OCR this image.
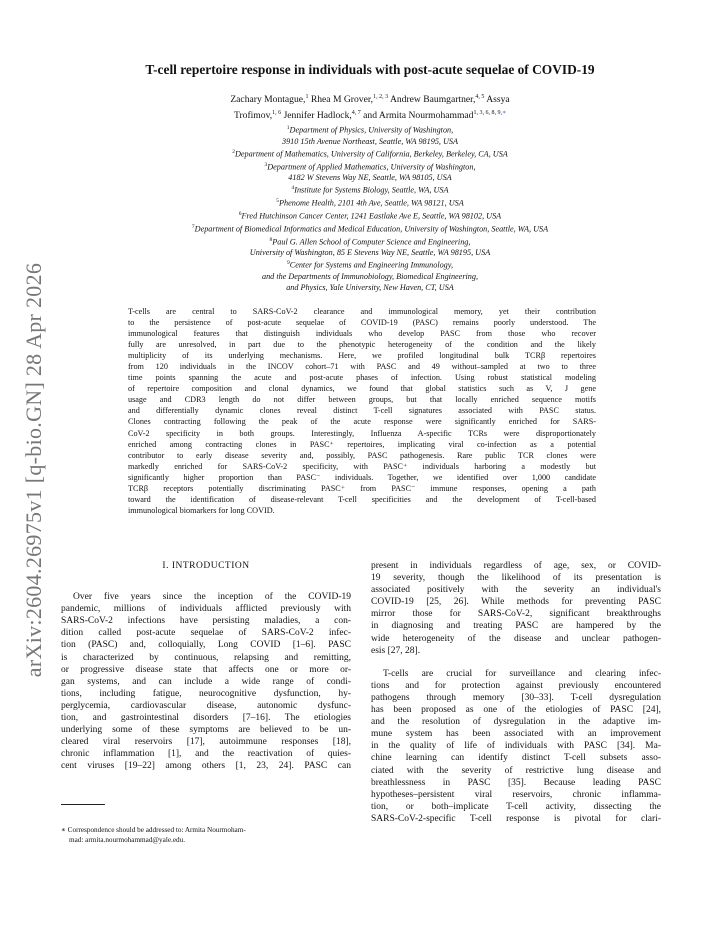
arXiv:2604.26975v1 [q-bio.GN] 28 Apr 2026
T-cell repertoire response in individuals with post-acute sequelae of COVID-19
Zachary Montague,$^1$ Rhea M Grover,$^{1, 2, 3}$ Andrew Baumgartner,$^{4, 5}$ Assya
Trofimov,$^{1, 6}$ Jennifer Hadlock,$^{4, 7}$ and Armita Nourmohammad$^{1, 3, 6, 8, 9,∗}$
$^1$Department of Physics, University of Washington,
3910 15th Avenue Northeast, Seattle, WA 98195, USA
$^2$Department of Mathematics, University of California, Berkeley, Berkeley, CA, USA
$^3$Department of Applied Mathematics, University of Washington,
4182 W Stevens Way NE, Seattle, WA 98105, USA
$^4$Institute for Systems Biology, Seattle, WA, USA
$^5$Phenome Health, 2101 4th Ave, Seattle, WA 98121, USA
$^6$Fred Hutchinson Cancer Center, 1241 Eastlake Ave E, Seattle, WA 98102, USA
$^7$Department of Biomedical Informatics and Medical Education, University of Washington, Seattle, WA, USA
$^8$Paul G. Allen School of Computer Science and Engineering,
University of Washington, 85 E Stevens Way NE, Seattle, WA 98195, USA
$^9$Center for Systems and Engineering Immunology,
and the Departments of Immunobiology, Biomedical Engineering,
and Physics, Yale University, New Haven, CT, USA
T-cells are central to SARS-CoV-2 clearance and immunological memory, yet their contribution
to the persistence of post-acute sequelae of COVID-19 (PASC) remains poorly understood. The
immunological features that distinguish individuals who develop PASC from those who recover
fully are unresolved, in part due to the phenotypic heterogeneity of the condition and the likely
multiplicity of its underlying mechanisms. Here, we profiled longitudinal bulk TCRβ repertoires
from 120 individuals in the INCOV cohort–71 with PASC and 49 without–sampled at two to three
time points spanning the acute and post-acute phases of infection. Using robust statistical modeling
of repertoire composition and clonal dynamics, we found that global statistics such as V, J gene
usage and CDR3 length do not differ between groups, but that locally enriched sequence motifs
and differentially dynamic clones reveal distinct T-cell signatures associated with PASC status.
Clones contracting following the peak of the acute response were significantly enriched for SARS-
CoV-2 specificity in both groups. Interestingly, Influenza A-specific TCRs were disproportionately
enriched among contracting clones in PASC⁺ repertoires, implicating viral co-infection as a potential
contributor to early disease severity and, possibly, PASC pathogenesis. Rare public TCR clones were
markedly enriched for SARS-CoV-2 specificity, with PASC⁺ individuals harboring a modestly but
significantly higher proportion than PASC⁻ individuals. Together, we identified over 1,000 candidate
TCRβ receptors potentially discriminating PASC⁺ from PASC⁻ immune responses, opening a path
toward the identification of disease-relevant T-cell specificities and the development of T-cell-based
immunological biomarkers for long COVID.
I. INTRODUCTION
Over five years since the inception of the COVID-19
pandemic, millions of individuals afflicted previously with
SARS-CoV-2 infections have persisting maladies, a con-
dition called post-acute sequelae of SARS-CoV-2 infec-
tion (PASC) and, colloquially, Long COVID [1–6]. PASC
is characterized by continuous, relapsing and remitting,
or progressive disease state that affects one or more or-
gan systems, and can include a wide range of condi-
tions, including fatigue, neurocognitive dysfunction, hy-
perglycemia, cardiovascular disease, autonomic dysfunc-
tion, and gastrointestinal disorders [7–16]. The etiologies
underlying some of these symptoms are believed to be un-
cleared viral reservoirs [17], autoimmune responses [18],
chronic inflammation [1], and the reactivation of quies-
cent viruses [19–22] among others [1, 23, 24]. PASC can
present in individuals regardless of age, sex, or COVID-
19 severity, though the likelihood of its presentation is
associated positively with the severity an individual's
COVID-19 [25, 26]. While methods for preventing PASC
mirror those for SARS-CoV-2, significant breakthroughs
in diagnosing and treating PASC are hampered by the
wide heterogeneity of the disease and unclear pathogen-
esis [27, 28].
T-cells are crucial for surveillance and clearing infec-
tions and for protection against previously encountered
pathogens through memory [30–33]. T-cell dysregulation
has been proposed as one of the etiologies of PASC [24],
and the resolution of dysregulation in the adaptive im-
mune system has been associated with an improvement
in the quality of life of individuals with PASC [34]. Ma-
chine learning can identify distinct T-cell subsets asso-
ciated with the severity of restrictive lung disease and
breathlessness in PASC [35]. Because leading PASC
hypotheses–persistent viral reservoirs, chronic inflamma-
tion, or both–implicate T-cell activity, dissecting the
SARS-CoV-2-specific T-cell response is pivotal for clari-
∗ Correspondence should be addressed to: Armita Nourmoham-
mad: armita.nourmohammad@yale.edu.
